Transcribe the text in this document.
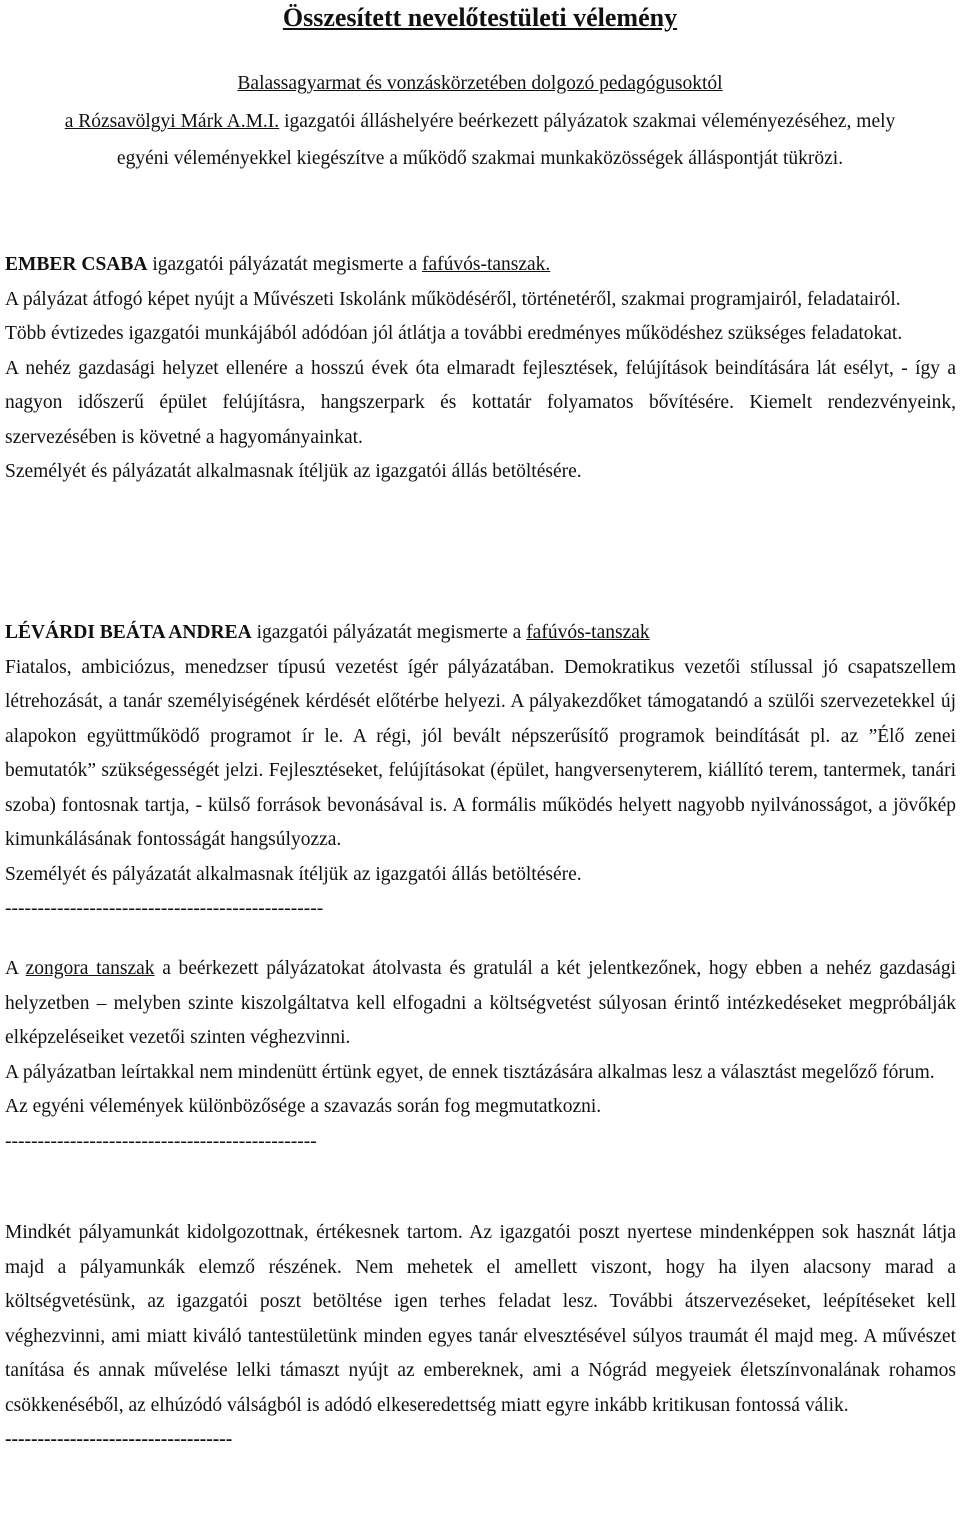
Összesített nevelőtestületi vélemény
Balassagyarmat és vonzáskörzetében dolgozó pedagógusoktól
a Rózsavölgyi Márk A.M.I. igazgatói álláshelyére beérkezett pályázatok szakmai véleményezéséhez, mely egyéni véleményekkel kiegészítve a működő szakmai munkaközösségek álláspontját tükrözi.

EMBER CSABA igazgatói pályázatát megismerte a fafúvós-tanszak.

A pályázat átfogó képet nyújt a Művészeti Iskolánk működéséről, történetéről, szakmai programjairól, feladatairól.

Több évtizedes igazgatói munkájából adódóan jól átlátja a további eredményes működéshez szükséges feladatokat.

A nehéz gazdasági helyzet ellenére a hosszú évek óta elmaradt fejlesztések, felújítások beindítására lát esélyt, - így a nagyon időszerű épület felújításra, hangszerpark és kottatár folyamatos bővítésére. Kiemelt rendezvényeink, szervezésében is követné a hagyományainkat.

Személyét és pályázatát alkalmasnak ítéljük az igazgatói állás betöltésére.

LÉVÁRDI BEÁTA ANDREA igazgatói pályázatát megismerte a fafúvós-tanszak

Fiatalos, ambiciózus, menedzser típusú vezetést ígér pályázatában. Demokratikus vezetői stílussal jó csapatszellem létrehozását, a tanár személyiségének kérdését előtérbe helyezi. A pályakezdőket támogatandó a szülői szervezetekkel új alapokon együttműködő programot ír le. A régi, jól bevált népszerűsítő programok beindítását pl. az ”Élő zenei bemutatók” szükségességét jelzi. Fejlesztéseket, felújításokat (épület, hangversenyterem, kiállító terem, tantermek, tanári szoba) fontosnak tartja, - külső források bevonásával is. A formális működés helyett nagyobb nyilvánosságot, a jövőkép kimunkálásának fontosságát hangsúlyozza.

Személyét és pályázatát alkalmasnak ítéljük az igazgatói állás betöltésére.

-------------------------------------------------

A zongora tanszak a beérkezett pályázatokat átolvasta és gratulál a két jelentkezőnek, hogy ebben a nehéz gazdasági helyzetben – melyben szinte kiszolgáltatva kell elfogadni a költségvetést súlyosan érintő intézkedéseket megpróbálják elképzeléseiket vezetői szinten véghezvinni.

A pályázatban leírtakkal nem mindenütt értünk egyet, de ennek tisztázására alkalmas lesz a választást megelőző fórum.

Az egyéni vélemények különbözősége a szavazás során fog megmutatkozni.

------------------------------------------------

Mindkét pályamunkát kidolgozottnak, értékesnek tartom. Az igazgatói poszt nyertese mindenképpen sok hasznát látja majd a pályamunkák elemző részének. Nem mehetek el amellett viszont, hogy ha ilyen alacsony marad a költségvetésünk, az igazgatói poszt betöltése igen terhes feladat lesz. További átszervezéseket, leépítéseket kell véghezvinni, ami miatt kiváló tantestületünk minden egyes tanár elvesztésével súlyos traumát él majd meg. A művészet tanítása és annak művelése lelki támaszt nyújt az embereknek, ami a Nógrád megyeiek életszínvonalának rohamos csökkenéséből, az elhúzódó válságból is adódó elkeseredettség miatt egyre inkább kritikusan fontossá válik.

-----------------------------------
